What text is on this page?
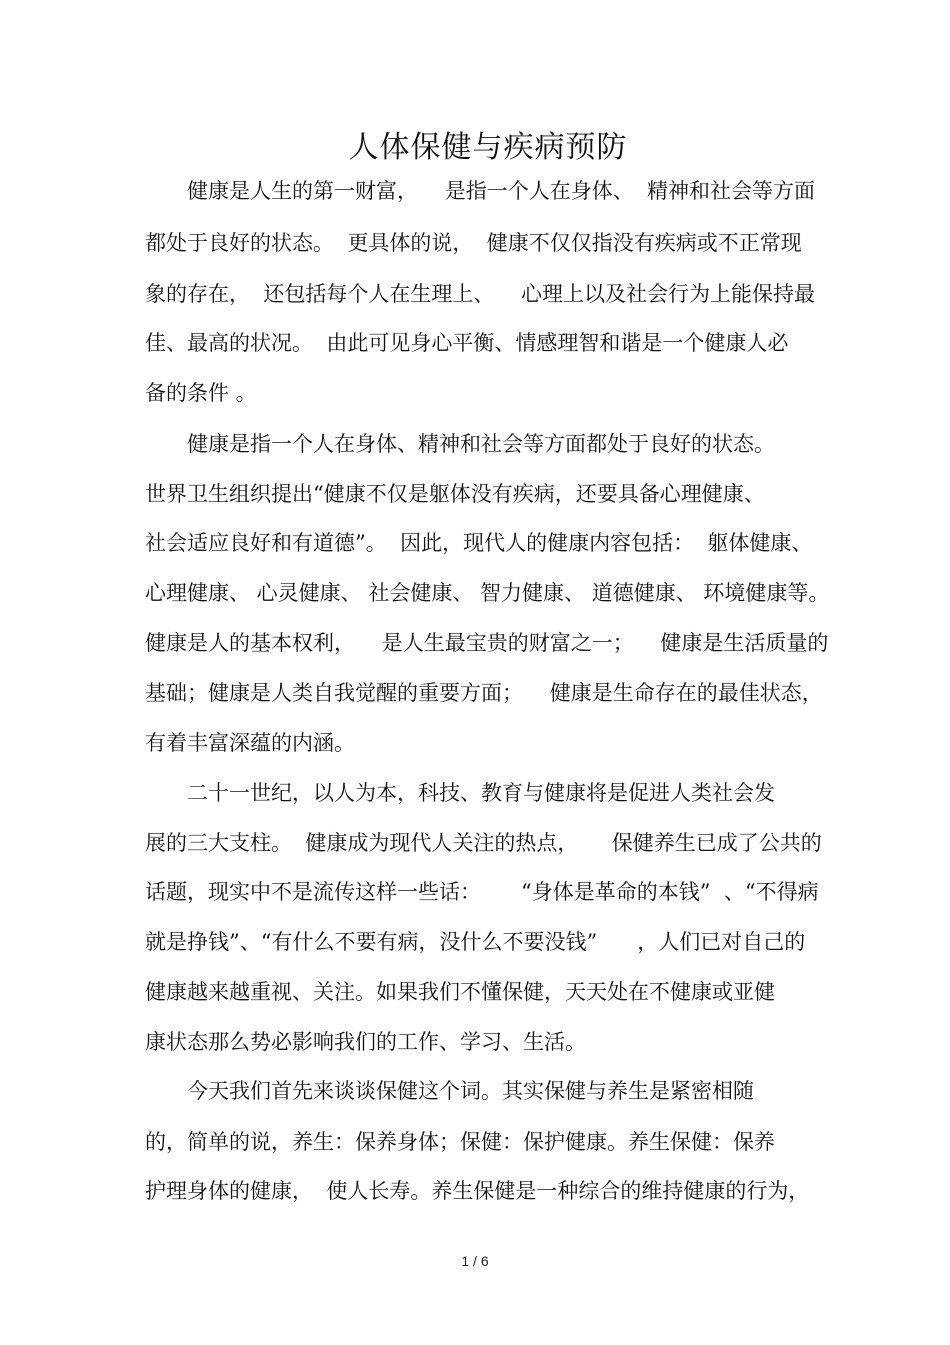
人体保健与疾病预防
健康是人生的第一财富，    是指一个人在身体、  精神和社会等方面
都处于良好的状态。  更具体的说，  健康不仅仅指没有疾病或不正常现
象的存在，  还包括每个人在生理上、    心理上以及社会行为上能保持最
佳、最高的状况。  由此可见身心平衡、情感理智和谐是一个健康人必
备的条件 。
健康是指一个人在身体、精神和社会等方面都处于良好的状态。
世界卫生组织提出“健康不仅是躯体没有疾病，还要具备心理健康、
社会适应良好和有道德”。  因此，现代人的健康内容包括：  躯体健康、
心理健康、 心灵健康、 社会健康、 智力健康、 道德健康、 环境健康等。
健康是人的基本权利，    是人生最宝贵的财富之一；    健康是生活质量的
基础；健康是人类自我觉醒的重要方面；    健康是生命存在的最佳状态，
有着丰富深蕴的内涵。
二十一世纪，以人为本，科技、教育与健康将是促进人类社会发
展的三大支柱。  健康成为现代人关注的热点，     保健养生已成了公共的
话题，现实中不是流传这样一些话：      “身体是革命的本钱”  、“不得病
就是挣钱”、“有什么不要有病，没什么不要没钱”      ，人们已对自己的
健康越来越重视、关注。如果我们不懂保健，天天处在不健康或亚健
康状态那么势必影响我们的工作、学习、生活。
今天我们首先来谈谈保健这个词。其实保健与养生是紧密相随
的，简单的说，养生：保养身体；保健：保护健康。养生保健：保养
护理身体的健康，  使人长寿。养生保健是一种综合的维持健康的行为，
1 / 6
